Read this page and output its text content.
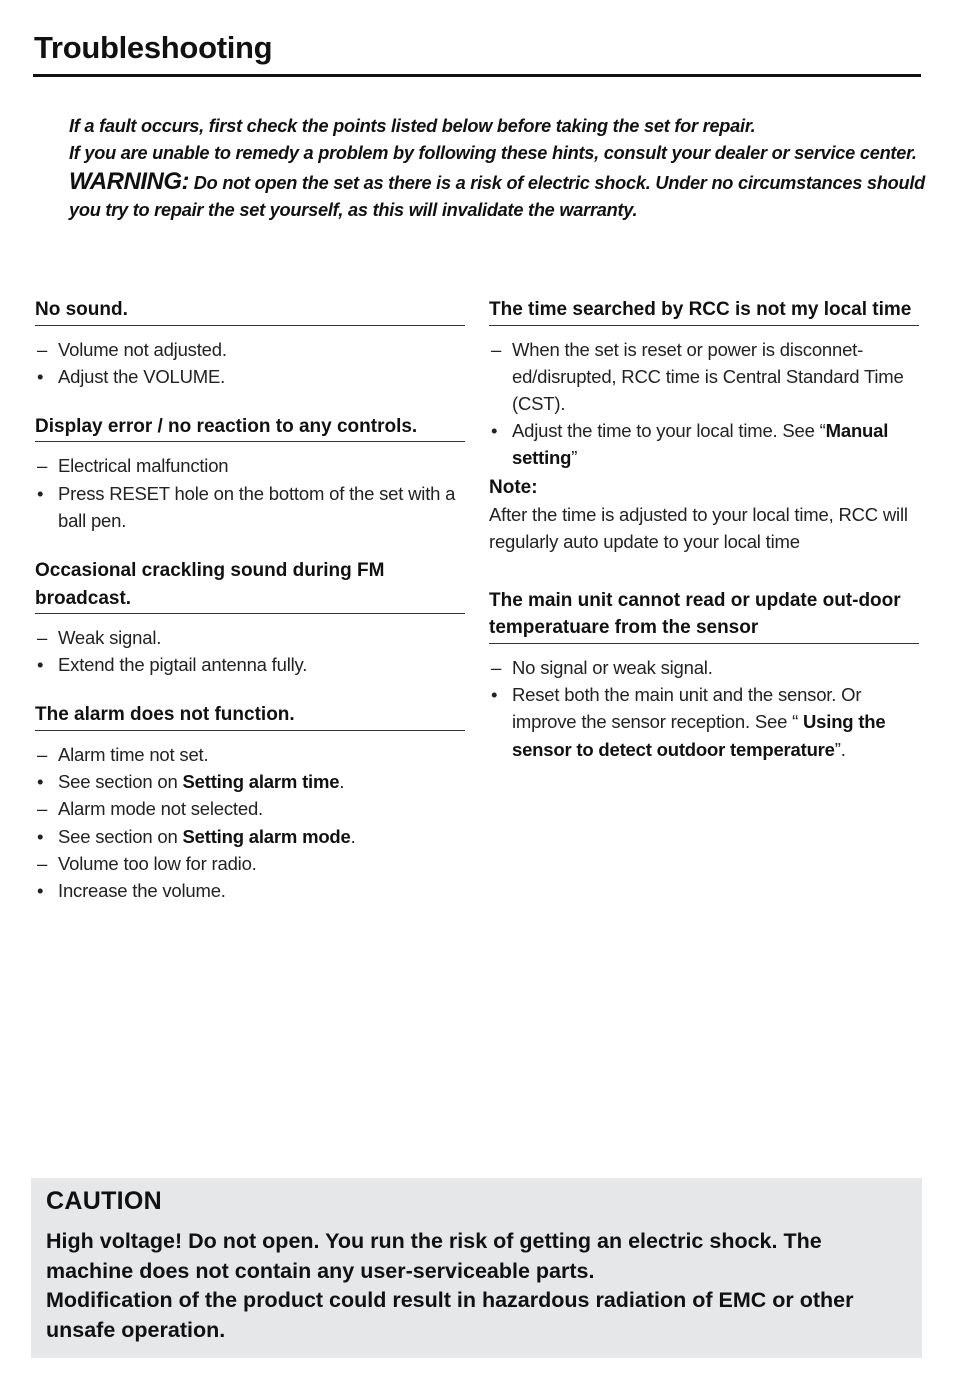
Troubleshooting

If a fault occurs, first check the points listed below before taking the set for repair.

If you are unable to remedy a problem by following these hints, consult your dealer or service center.

WARNING: Do not open the set as there is a risk of electric shock. Under no circumstances should you try to repair the set yourself, as this will invalidate the warranty.

No sound.
– Volume not adjusted.
• Adjust the VOLUME.
Display error / no reaction to any controls.
– Electrical malfunction
• Press RESET hole on the bottom of the set with a ball pen.
Occasional crackling sound during FM broadcast.
– Weak signal.
• Extend the pigtail antenna fully.
The alarm does not function.
– Alarm time not set.
• See section on Setting alarm time.
– Alarm mode not selected.
• See section on Setting alarm mode.
– Volume too low for radio.
• Increase the volume.
The time searched by RCC is not my local time
– When the set is reset or power is disconnet-ed/disrupted, RCC time is Central Standard Time (CST).
• Adjust the time to your local time. See “Manual setting”
Note:
After the time is adjusted to your local time, RCC will regularly auto update to your local time
The main unit cannot read or update out-door temperatuare from the sensor
– No signal or weak signal.
• Reset both the main unit and the sensor. Or improve the sensor reception. See “ Using the sensor to detect outdoor temperature”.
CAUTION

High voltage! Do not open. You run the risk of getting an electric shock. The machine does not contain any user-serviceable parts.

Modification of the product could result in hazardous radiation of EMC or other unsafe operation.
